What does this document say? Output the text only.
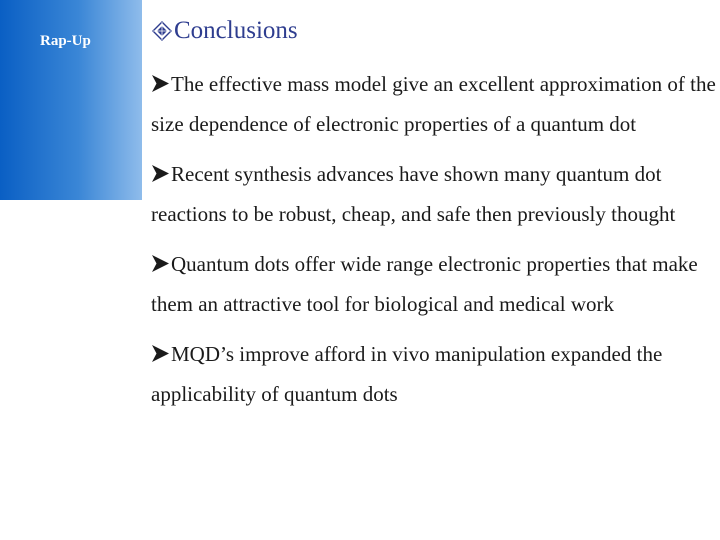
Rap-Up	Conclusions
The effective mass model give an excellent approximation of the size dependence of electronic properties of a quantum dot
Recent synthesis advances have shown many quantum dot reactions to be robust, cheap, and safe then previously thought
Quantum dots offer wide range electronic properties that make them an attractive tool for biological and medical work
MQD’s improve afford in vivo manipulation expanded the applicability of quantum dots
